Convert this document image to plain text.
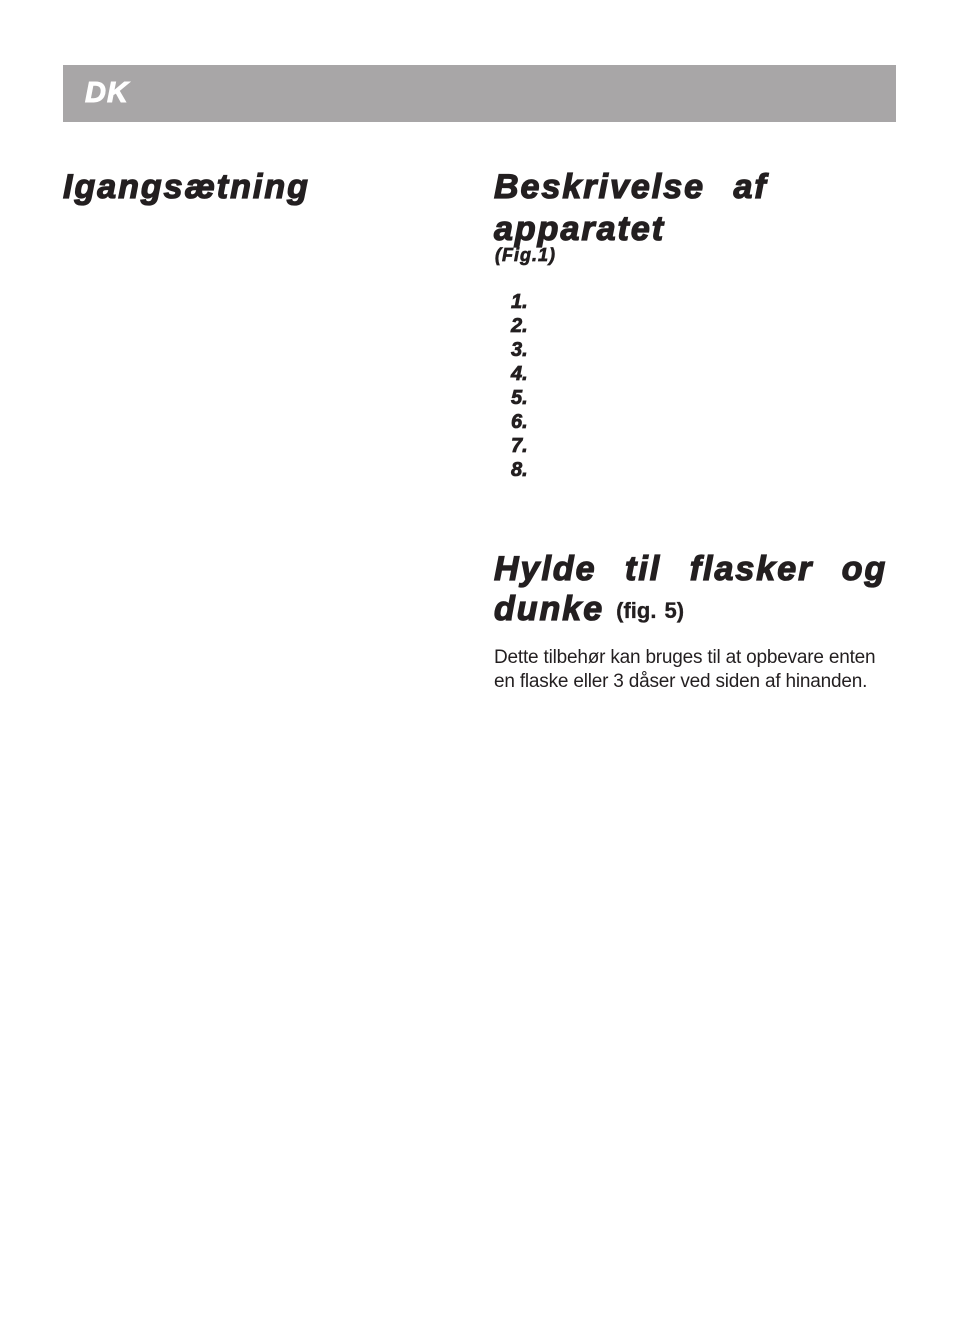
DK
Igangsætning	Beskrivelse af
apparatet
(Fig.1)
1.
2.
3.
4.
5.
6.
7.
8.
Hylde til flasker og
dunke (fig. 5)

Dette tilbehør kan bruges til at opbevare enten
en flaske eller 3 dåser ved siden af hinanden.
